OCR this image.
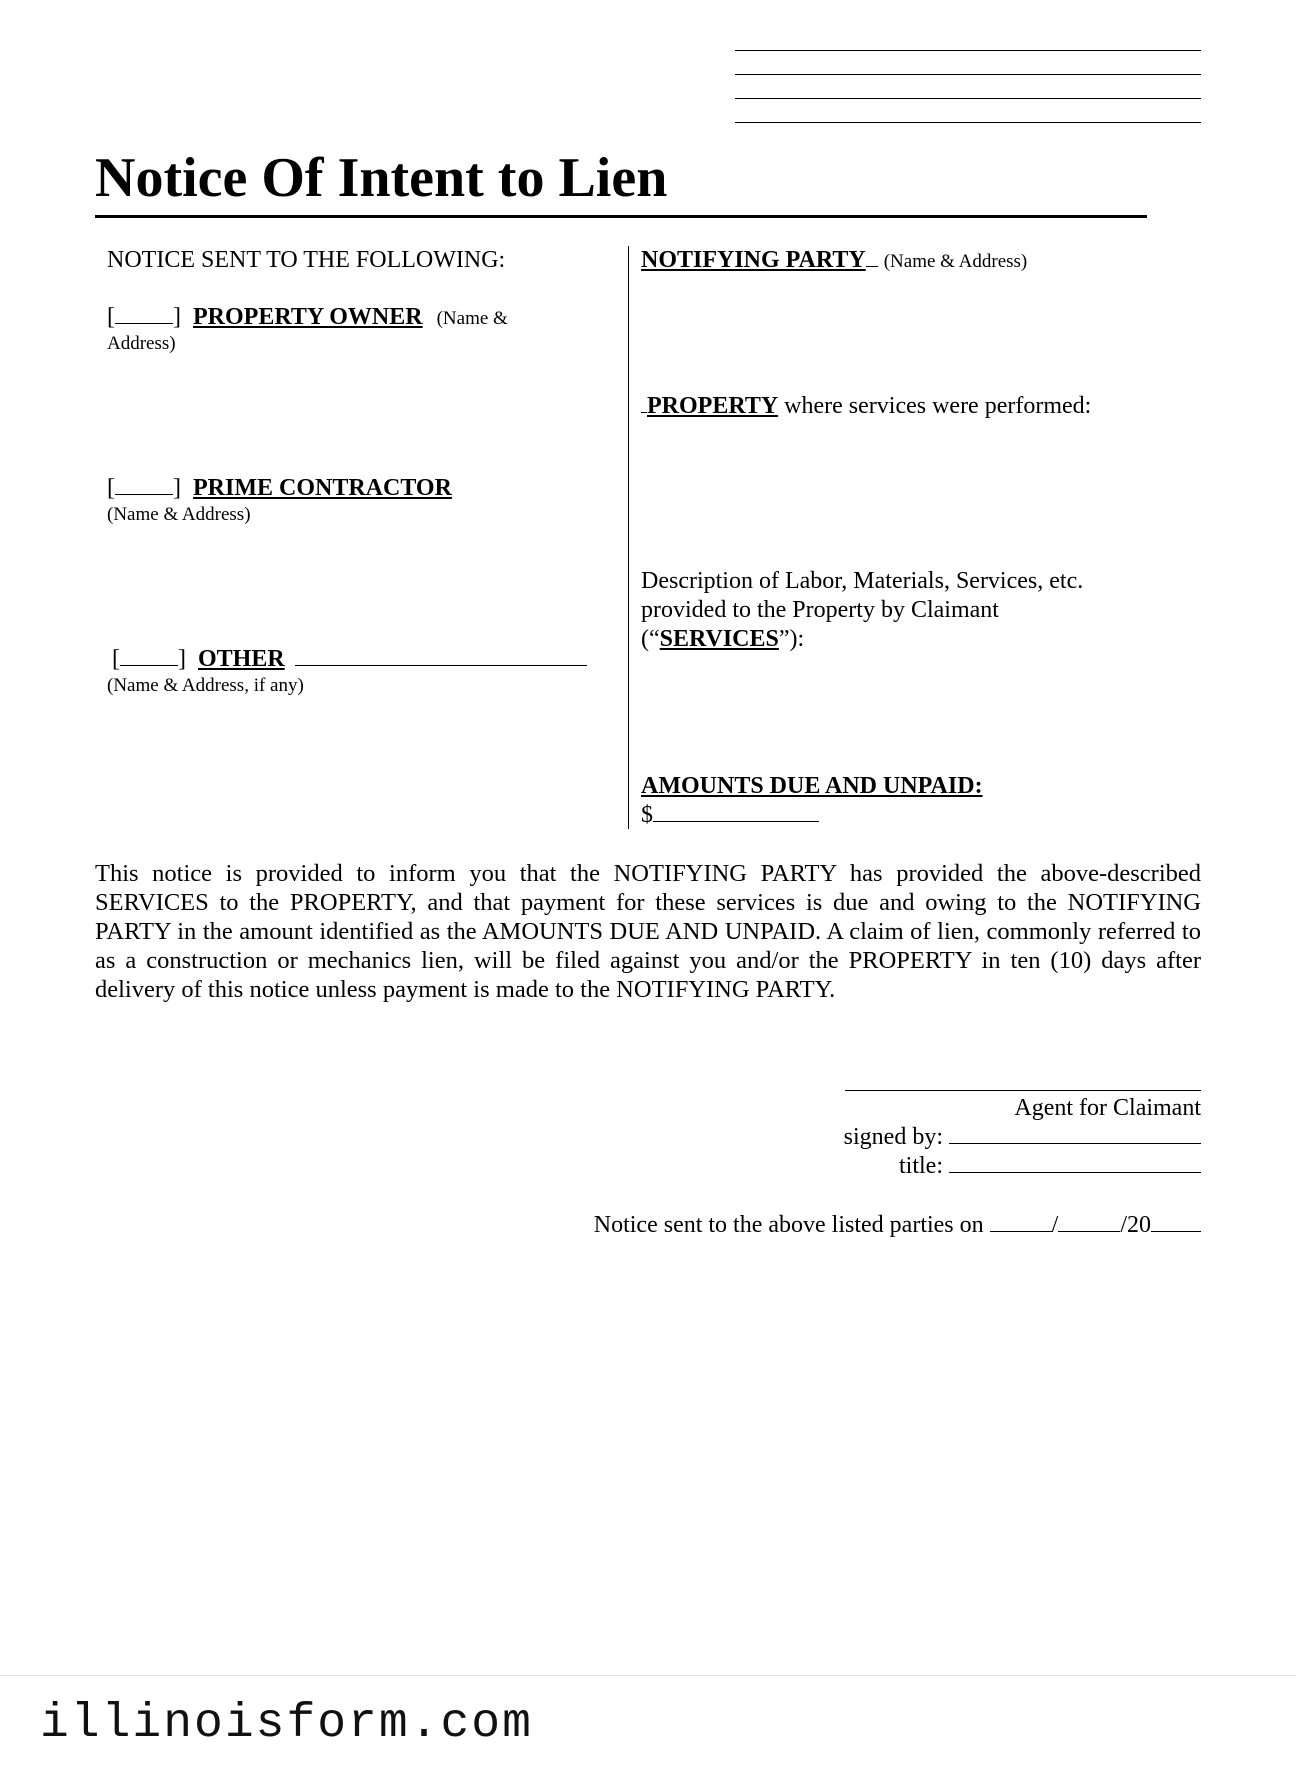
Notice Of Intent to Lien
NOTICE SENT TO THE FOLLOWING:
[ ] PROPERTY OWNER (Name &
Address)
[ ] PRIME CONTRACTOR
(Name & Address)
[ ] OTHER
(Name & Address, if any)
NOTIFYING PARTY (Name & Address)
PROPERTY where services were performed:
Description of Labor, Materials, Services, etc.
provided to the Property by Claimant
(“SERVICES”):
AMOUNTS DUE AND UNPAID:
$
This notice is provided to inform you that the NOTIFYING PARTY has provided the above-described SERVICES to the PROPERTY, and that payment for these services is due and owing to the NOTIFYING PARTY in the amount identified as the AMOUNTS DUE AND UNPAID. A claim of lien, commonly referred to as a construction or mechanics lien, will be filed against you and/or the PROPERTY in ten (10) days after delivery of this notice unless payment is made to the NOTIFYING PARTY.
Agent for Claimant
signed by:
title:
Notice sent to the above listed parties on	/	/20
illinoisform.com
